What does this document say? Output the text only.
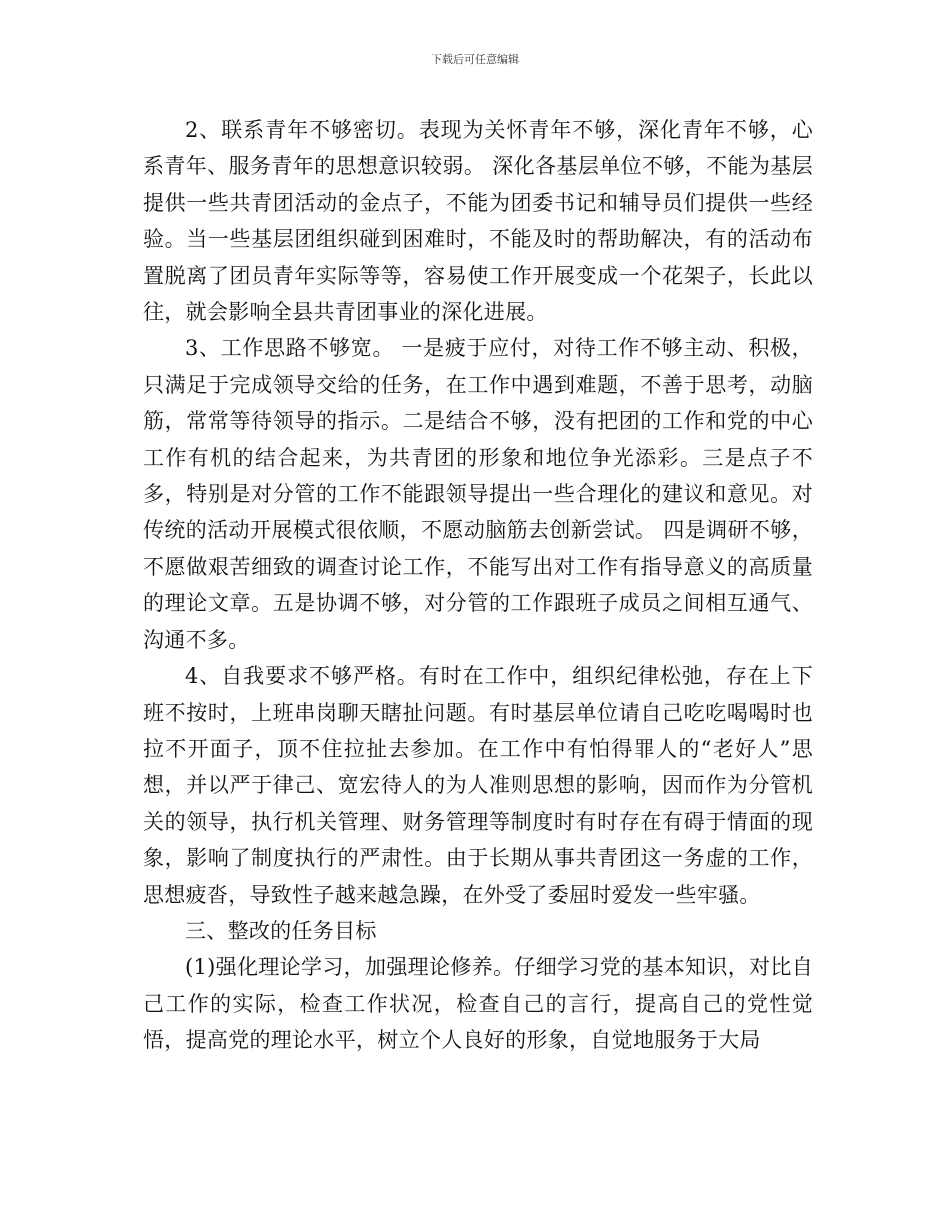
下载后可任意编辑

2、联系青年不够密切。表现为关怀青年不够，深化青年不够，心系青年、服务青年的思想意识较弱。 深化各基层单位不够，不能为基层提供一些共青团活动的金点子，不能为团委书记和辅导员们提供一些经验。当一些基层团组织碰到困难时，不能及时的帮助解决，有的活动布置脱离了团员青年实际等等，容易使工作开展变成一个花架子，长此以往，就会影响全县共青团事业的深化进展。

3、工作思路不够宽。 一是疲于应付，对待工作不够主动、积极，只满足于完成领导交给的任务，在工作中遇到难题，不善于思考，动脑筋，常常等待领导的指示。二是结合不够，没有把团的工作和党的中心工作有机的结合起来，为共青团的形象和地位争光添彩。三是点子不多，特别是对分管的工作不能跟领导提出一些合理化的建议和意见。对传统的活动开展模式很依顺，不愿动脑筋去创新尝试。 四是调研不够，不愿做艰苦细致的调查讨论工作，不能写出对工作有指导意义的高质量的理论文章。五是协调不够，对分管的工作跟班子成员之间相互通气、沟通不多。

4、自我要求不够严格。有时在工作中，组织纪律松弛，存在上下班不按时，上班串岗聊天瞎扯问题。有时基层单位请自己吃吃喝喝时也拉不开面子，顶不住拉扯去参加。在工作中有怕得罪人的“老好人”思想，并以严于律己、宽宏待人的为人准则思想的影响，因而作为分管机关的领导，执行机关管理、财务管理等制度时有时存在有碍于情面的现象，影响了制度执行的严肃性。由于长期从事共青团这一务虚的工作，思想疲沓，导致性子越来越急躁，在外受了委屈时爱发一些牢骚。

三、整改的任务目标

(1)强化理论学习，加强理论修养。仔细学习党的基本知识，对比自己工作的实际，检查工作状况，检查自己的言行，提高自己的党性觉悟，提高党的理论水平，树立个人良好的形象，自觉地服务于大局
